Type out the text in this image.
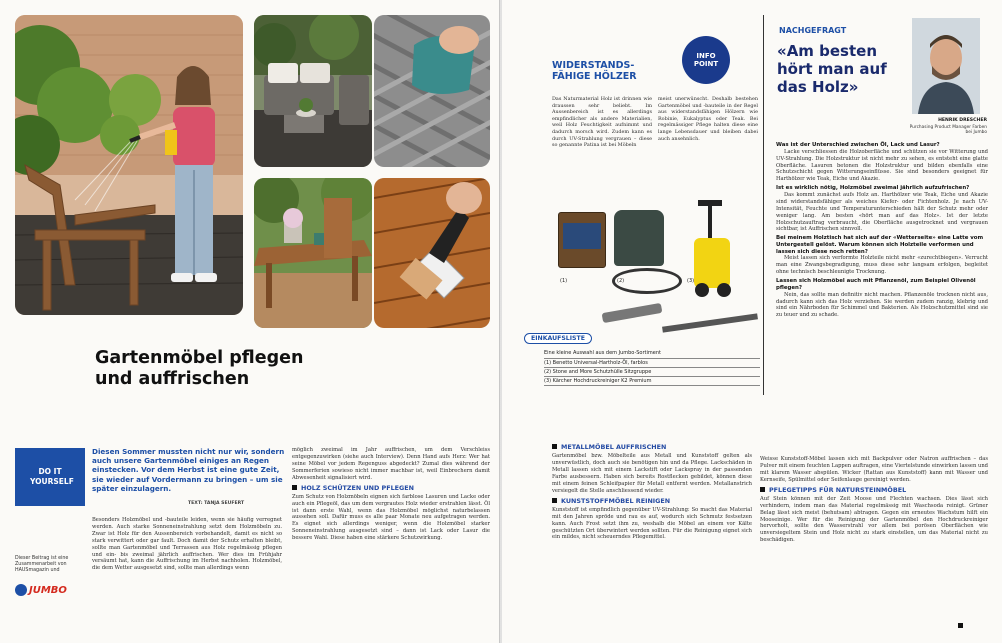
Gartenmöbel pflegen und auffrischen
DO IT YOURSELF
Diesen Sommer mussten nicht nur wir, sondern auch unsere Gartenmöbel einiges an Regen einstecken. Vor dem Herbst ist eine gute Zeit, sie wieder auf Vordermann zu bringen – um sie später einzulagern.
TEXT: TANJA SEUFERT
Dieser Beitrag ist eine Zusammenarbeit von HAUSmagazin und
JUMBO

Besonders Holzmöbel und -bauteile leiden, wenn sie häufig verregnet werden. Auch starke Sonneneinstrahlung setzt dem Holzmöbeln zu. Zwar ist Holz für den Aussenbereich vorbehandelt, damit es nicht so stark verwittert oder gar fault. Doch damit der Schutz erhalten bleibt, sollte man Gartenmöbel und Terrassen aus Holz regelmässig pflegen und ein- bis zweimal jährlich auffrischen. Wer dies im Frühjahr versäumt hat, kann die Auffrischung im Herbst nachholen. Holzmöbel, die dem Wetter ausgesetzt sind, sollte man allerdings wenn

möglich zweimal im Jahr auffrischen, um dem Verschleiss entgegenzuwirken (siehe auch Interview). Denn Hand aufs Herz: Wer hat seine Möbel vor jedem Regenguss abgedeckt? Zumal dies während der Sommerferien sowieso nicht immer machbar ist, weil Einbrechern damit Abwesenheit signalisiert wird.

HOLZ SCHÜTZEN UND PFLEGEN

Zum Schutz von Holzmöbeln eignen sich farblose Lasuren und Lacke oder auch ein Pflegeöl, das um dem vergrautes Holz wieder erstrahlen lässt. Öl ist dann erste Wahl, wenn das Holzmöbel möglichst naturbelassen aussehen soll. Dafür muss es alle paar Monate neu aufgetragen werden. Es eignet sich allerdings weniger, wenn die Holzmöbel starker Sonneneinstrahlung ausgesetzt sind – dann ist Lack oder Lasur die bessere Wahl. Diese haben eine stärkere Schutzwirkung.

WIDERSTANDS-FÄHIGE HÖLZER
INFO
POINT

Das Naturmaterial Holz ist drinnen wie draussen sehr beliebt. Im Aussenbereich ist es allerdings empfindlicher als andere Materialien, weil Holz Feuchtigkeit aufnimmt und dadurch morsch wird. Zudem kann es durch UV-Strahlung vergrauen – diese so genannte Patina ist bei Möbeln

meist unerwünscht. Deshalb bestehen Gartenmöbel und -bauteile in der Regel aus widerstandsfähigen Hölzern wie Robinie, Eukalyptus oder Teak. Bei regelmässiger Pflege halten diese eine lange Lebensdauer und bleiben dabei auch ansehnlich.

(1)	(2)	(3)
EINKAUFSLISTE
Eine kleine Auswahl aus dem Jumbo-Sortiment
(1) Benetto Universal-Hartholz-Öl, farblos
(2) Stone and More Schutzhülle Sitzgruppe
(3) Kärcher Hochdruckreiniger K2 Premium
NACHGEFRAGT
«Am besten hört man auf das Holz»
HENRIK DRESCHER
Purchasing Product Manager Farben bei Jumbo
Was ist der Unterschied zwischen Öl, Lack und Lasur?
Lacke verschliessen die Holzoberfläche und schützen sie vor Witterung und UV-Strahlung. Die Holzstruktur ist nicht mehr zu sehen, es entsteht eine glatte Oberfläche. Lasuren betonen die Holzstruktur und bilden ebenfalls eine Schutzschicht gegen Witterungseinflüsse. Sie sind besonders geeignet für Harthölzer wie Teak, Eiche und Akazie.
Ist es wirklich nötig, Holzmöbel zweimal jährlich aufzufrischen?
Das kommt zunächst aufs Holz an. Harthölzer wie Teak, Eiche und Akazie sind widerstandsfähiger als weiches Kiefer- oder Fichtenholz. Je nach UV-Intensität, Feuchte und Temperaturunterschieden hält der Schutz mehr oder weniger lang. Am besten «hört man auf das Holz». Ist der letzte Holzschutzauftrag verbraucht, die Oberfläche ausgetrocknet und vergrauen sichtbar, ist Auffrischen sinnvoll.
Bei meinem Holztisch hat sich auf der «Wetterseite» eine Latte vom Untergestell gelöst. Warum können sich Holzteile verformen und lassen sich diese noch retten?
Meist lassen sich verformte Holzteile nicht mehr «zurechtbiegen». Verrucht man eine Zwangsbegradigung, muss diese sehr langsam erfolgen, begleitet ohne technisch beschleunigte Trocknung.
Lassen sich Holzmöbel auch mit Pflanzenöl, zum Beispiel Olivenöl pflegen?
Nein, das sollte man definitiv nicht machen. Pflanzenöle trocknen nicht aus, dadurch kann sich das Holz verziehen. Sie werden zudem ranzig, klebrig und sind ein Nährboden für Schimmel und Bakterien. Als Holzschutzmittel sind sie zu teuer und zu schade.
METALLMÖBEL AUFFRISCHEN

Gartenmöbel bzw. Möbelteile aus Metall und Kunststoff gelten als unverwüstlich, doch auch sie benötigen hin und da Pflege. Lackschäden in Metall lassen sich mit einem Lackstift oder Lackspray in der passenden Farbe ausbessern. Haben sich bereits Rostflecken gebildet, können diese mit einem feinen Schleifpapier für Metall entfernt werden. Metallanstrich versiegelt die Stelle anschliessend wieder.

KUNSTSTOFFMÖBEL REINIGEN

Kunststoff ist empfindlich gegenüber UV-Strahlung: So macht das Material mit den Jahren spröde und rau es auf, wodurch sich Schmutz festsetzen kann. Auch Frost setzt ihm zu, weshalb die Möbel an einem vor Kälte geschützten Ort überwintert werden sollten. Für die Reinigung eignet sich ein mildes, nicht scheuerndes Pflegemittel.

Weisse Kunststoff-Möbel lassen sich mit Backpulver oder Natron auffrischen – das Pulver mit einem feuchten Lappen auftragen, eine Viertelstunde einwirken lassen und mit klarem Wasser abspülen. Wicker (Rattan aus Kunststoff) kann mit Wasser und Kernseife, Spülmittel oder Seifenlauge gereinigt werden.

PFLEGETIPPS FÜR NATURSTEINMÖBEL

Auf Stein können mit der Zeit Moose und Flechten wachsen. Dies lässt sich verhindern, indem man das Material regelmässig mit Waschsoda reinigt. Grüner Belag lässt sich meist (behutsam) abtragen. Gegen ein erneutes Wachstum hilft ein Mooseinige. Wer für die Reinigung der Gartenmöbel den Hochdruckreiniger hervorholt, sollte den Wasserstrahl vor allem bei porösen Oberflächen wie unversiegeltem Stein und Holz nicht zu stark einstellen, um das Material nicht zu beschädigen.
